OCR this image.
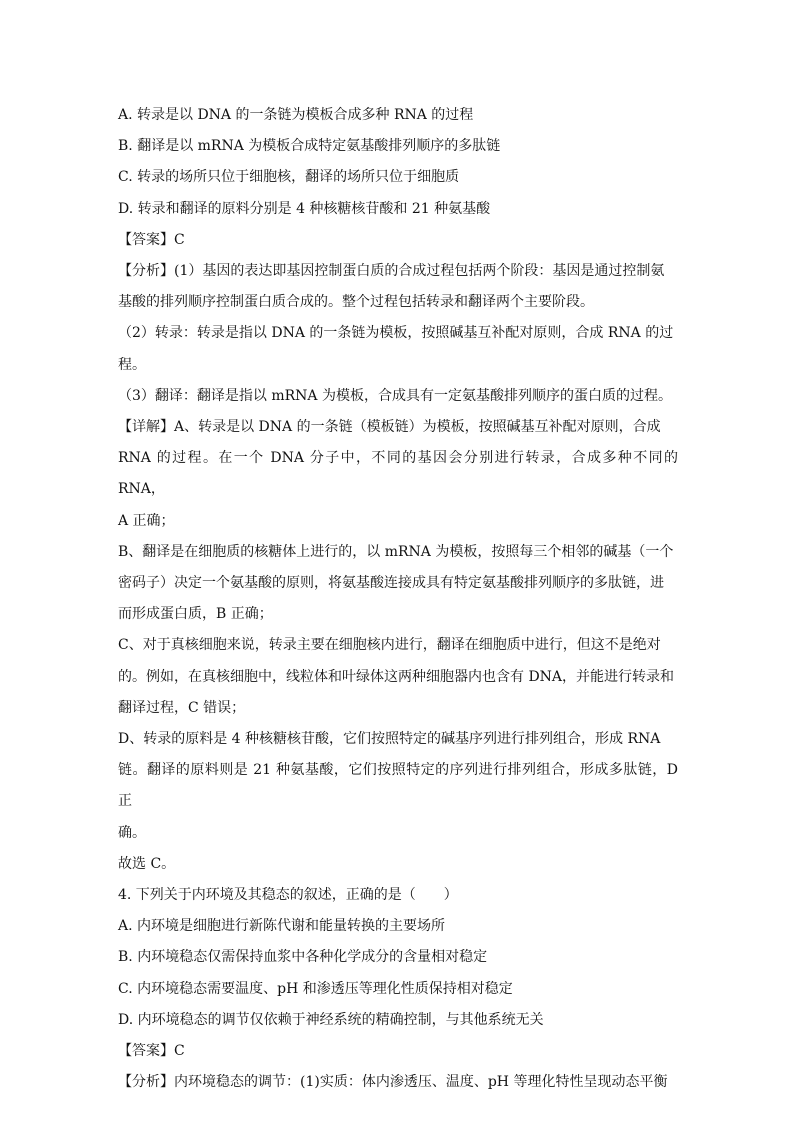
A. 转录是以 DNA 的一条链为模板合成多种 RNA 的过程
B. 翻译是以 mRNA 为模板合成特定氨基酸排列顺序的多肽链
C. 转录的场所只位于细胞核，翻译的场所只位于细胞质
D. 转录和翻译的原料分别是 4 种核糖核苷酸和 21 种氨基酸
【答案】C
【分析】(1）基因的表达即基因控制蛋白质的合成过程包括两个阶段：基因是通过控制氨
基酸的排列顺序控制蛋白质合成的。整个过程包括转录和翻译两个主要阶段。
（2）转录：转录是指以 DNA 的一条链为模板，按照碱基互补配对原则，合成 RNA 的过
程。
（3）翻译：翻译是指以 mRNA 为模板，合成具有一定氨基酸排列顺序的蛋白质的过程。
【详解】A、转录是以 DNA 的一条链（模板链）为模板，按照碱基互补配对原则，合成
RNA 的过程。在一个 DNA 分子中，不同的基因会分别进行转录，合成多种不同的 RNA，
A 正确；
B、翻译是在细胞质的核糖体上进行的，以 mRNA 为模板，按照每三个相邻的碱基（一个
密码子）决定一个氨基酸的原则，将氨基酸连接成具有特定氨基酸排列顺序的多肽链，进
而形成蛋白质，B 正确；
C、对于真核细胞来说，转录主要在细胞核内进行，翻译在细胞质中进行，但这不是绝对
的。例如，在真核细胞中，线粒体和叶绿体这两种细胞器内也含有 DNA，并能进行转录和
翻译过程，C 错误；
D、转录的原料是 4 种核糖核苷酸，它们按照特定的碱基序列进行排列组合，形成 RNA
链。翻译的原料则是 21 种氨基酸，它们按照特定的序列进行排列组合，形成多肽链，D 正
确。
故选 C。
4. 下列关于内环境及其稳态的叙述，正确的是（　　）
A. 内环境是细胞进行新陈代谢和能量转换的主要场所
B. 内环境稳态仅需保持血浆中各种化学成分的含量相对稳定
C. 内环境稳态需要温度、pH 和渗透压等理化性质保持相对稳定
D. 内环境稳态的调节仅依赖于神经系统的精确控制，与其他系统无关
【答案】C
【分析】内环境稳态的调节：(1)实质：体内渗透压、温度、pH 等理化特性呈现动态平衡
